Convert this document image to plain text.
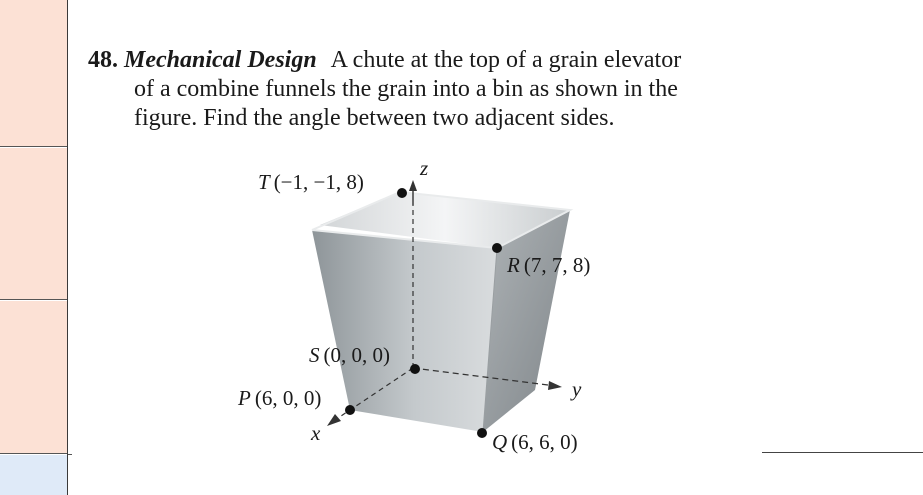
48. Mechanical Design A chute at the top of a grain elevator
of a combine funnels the grain into a bin as shown in the
figure. Find the angle between two adjacent sides.
z
y
x
T (−1, −1, 8)
R (7, 7, 8)
S (0, 0, 0)
P (6, 0, 0)
Q (6, 6, 0)
